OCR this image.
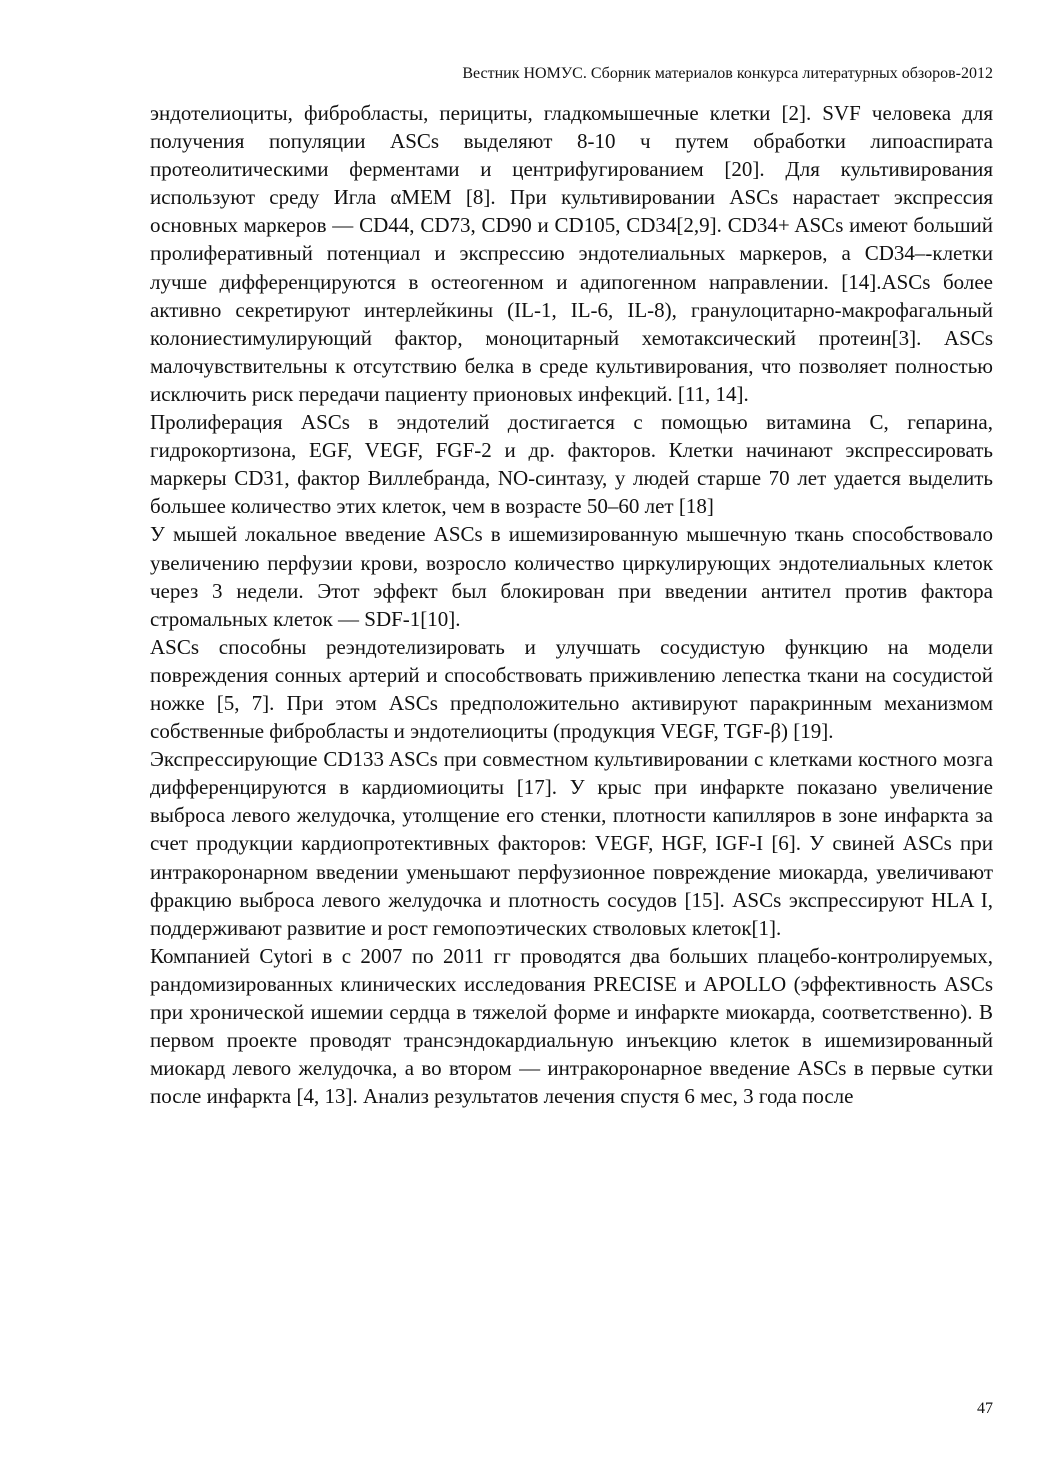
Вестник НОМУС. Сборник материалов конкурса литературных обзоров-2012

эндотелиоциты, фибробласты, перициты, гладкомышечные клетки [2]. SVF человека для получения популяции ASCs выделяют 8-10 ч путем обработки липоаспирата протеолитическими ферментами и центрифугированием [20]. Для культивирования используют среду Игла αMEM [8]. При культивировании ASCs нарастает экспрессия основных маркеров — CD44, CD73, CD90 и CD105, CD34[2,9]. CD34+ ASCs имеют больший пролиферативный потенциал и экспрессию эндотелиальных маркеров, а CD34–-клетки лучше дифференцируются в остеогенном и адипогенном направлении. [14].ASCs более активно секретируют интерлейкины (IL-1, IL-6, IL-8), гранулоцитарно-макрофагальный колониестимулирующий фактор, моноцитарный хемотаксический протеин[3]. ASCs малочувствительны к отсутствию белка в среде культивирования, что позволяет полностью исключить риск передачи пациенту прионовых инфекций. [11, 14].

Пролиферация ASCs в эндотелий достигается с помощью витамина С, гепарина, гидрокортизона, EGF, VEGF, FGF-2 и др. факторов. Клетки начинают экспрессировать маркеры CD31, фактор Виллебранда, NO-синтазу, у людей старше 70 лет удается выделить большее количество этих клеток, чем в возрасте 50–60 лет [18]

У мышей локальное введение ASCs в ишемизированную мышечную ткань способствовало увеличению перфузии крови, возросло количество циркулирующих эндотелиальных клеток через 3 недели. Этот эффект был блокирован при введении антител против фактора стромальных клеток — SDF-1[10].

ASCs способны реэндотелизировать и улучшать сосудистую функцию на модели повреждения сонных артерий и способствовать приживлению лепестка ткани на сосудистой ножке [5, 7]. При этом ASCs предположительно активируют паракринным механизмом собственные фибробласты и эндотелиоциты (продукция VEGF, TGF-β) [19].

Экспрессирующие CD133 ASCs при совместном культивировании с клетками костного мозга дифференцируются в кардиомиоциты [17]. У крыс при инфаркте показано увеличение выброса левого желудочка, утолщение его стенки, плотности капилляров в зоне инфаркта за счет продукции кардиопротективных факторов: VEGF, HGF, IGF-I [6]. У свиней ASCs при интракоронарном введении уменьшают перфузионное повреждение миокарда, увеличивают фракцию выброса левого желудочка и плотность сосудов [15]. ASCs экспрессируют HLA I, поддерживают развитие и рост гемопоэтических стволовых клеток[1].

Компанией Cytori в с 2007 по 2011 гг проводятся два больших плацебо-контролируемых, рандомизированных клинических исследования PRECISE и APOLLO (эффективность ASCs при хронической ишемии сердца в тяжелой форме и инфаркте миокарда, соответственно). В первом проекте проводят трансэндокардиальную инъекцию клеток в ишемизированный миокард левого желудочка, а во втором — интракоронарное введение ASCs в первые сутки после инфаркта [4, 13]. Анализ результатов лечения спустя 6 мес, 3 года после

47
